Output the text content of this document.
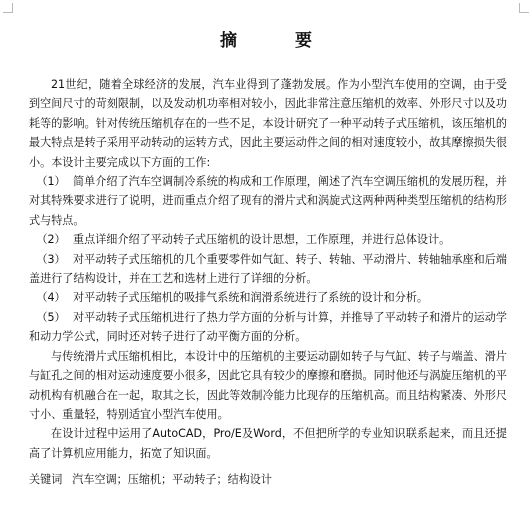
摘 要

21世纪，随着全球经济的发展，汽车业得到了蓬勃发展。作为小型汽车使用的空调，由于受到空间尺寸的苛刻限制，以及发动机功率相对较小，因此非常注意压缩机的效率、外形尺寸以及功耗等的影响。针对传统压缩机存在的一些不足，本设计研究了一种平动转子式压缩机，该压缩机的最大特点是转子采用平动转动的运转方式，因此主要运动件之间的相对速度较小，故其摩擦损失很小。本设计主要完成以下方面的工作:

（1） 简单介绍了汽车空调制冷系统的构成和工作原理，阐述了汽车空调压缩机的发展历程，并对其特殊要求进行了说明，进而重点介绍了现有的滑片式和涡旋式这两种两种类型压缩机的结构形式与特点。

（2） 重点详细介绍了平动转子式压缩机的设计思想，工作原理，并进行总体设计。

（3） 对平动转子式压缩机的几个重要零件如气缸、转子、转轴、平动滑片、转轴轴承座和后端盖进行了结构设计，并在工艺和选材上进行了详细的分析。

（4） 对平动转子式压缩机的吸排气系统和润滑系统进行了系统的设计和分析。

（5） 对平动转子式压缩机进行了热力学方面的分析与计算，并推导了平动转子和滑片的运动学和动力学公式，同时还对转子进行了动平衡方面的分析。

与传统滑片式压缩机相比，本设计中的压缩机的主要运动副如转子与气缸、转子与端盖、滑片与缸孔之间的相对运动速度要小很多，因此它具有较少的摩擦和磨损。同时他还与涡旋压缩机的平动机构有机融合在一起，取其之长，因此等效制冷能力比现存的压缩机高。而且结构紧凑、外形尺寸小、重量轻，特别适宜小型汽车使用。

在设计过程中运用了AutoCAD，Pro/E及Word，不但把所学的专业知识联系起来，而且还提高了计算机应用能力，拓宽了知识面。

关键词 汽车空调；压缩机；平动转子；结构设计
